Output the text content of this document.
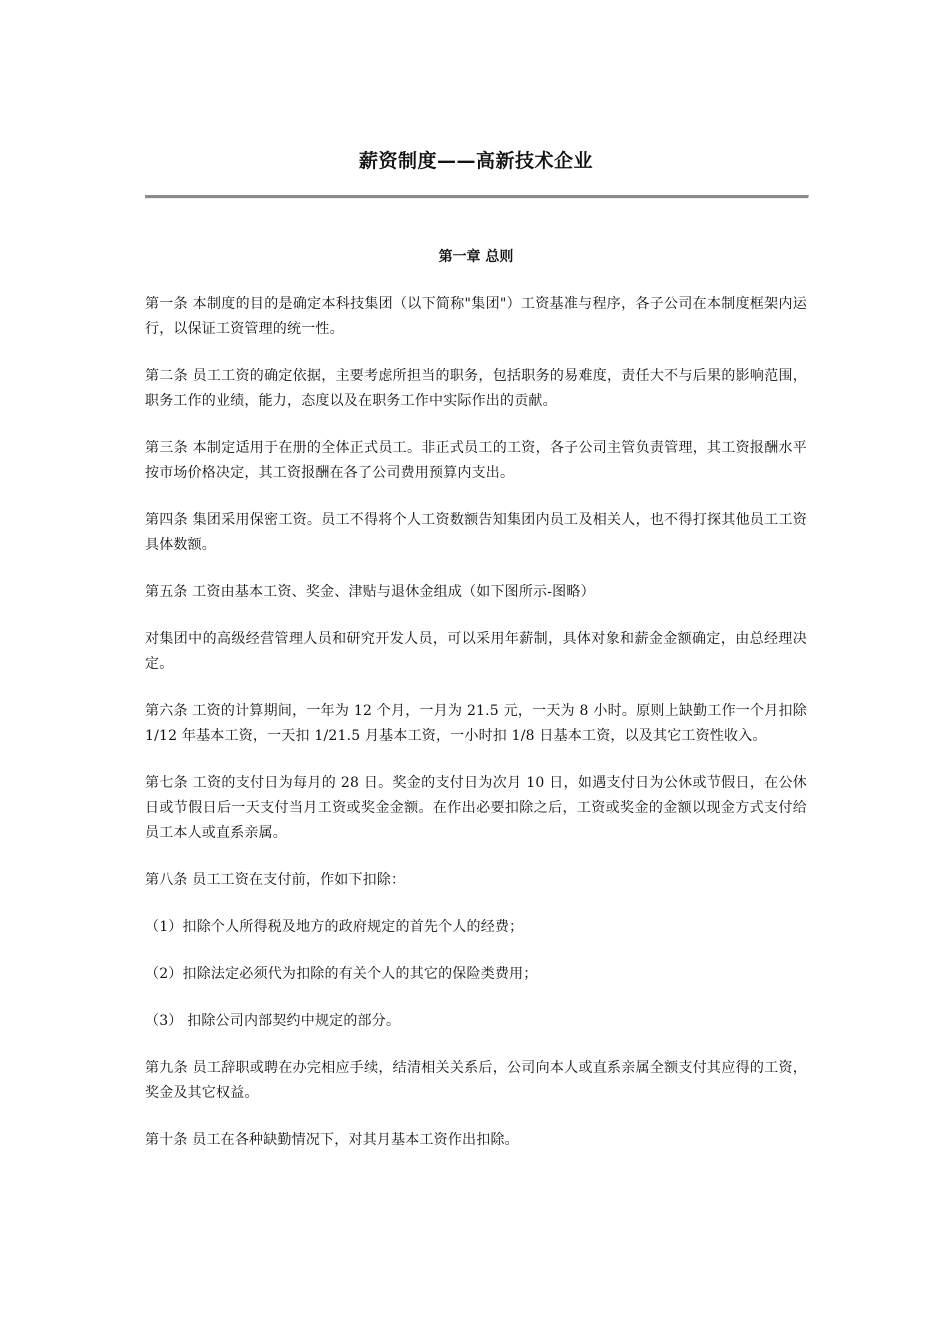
薪资制度——高新技术企业
第一章 总则

第一条 本制度的目的是确定本科技集团（以下简称"集团"）工资基准与程序，各子公司在本制度框架内运行，以保证工资管理的统一性。

第二条 员工工资的确定依据，主要考虑所担当的职务，包括职务的易难度，责任大不与后果的影响范围，职务工作的业绩，能力，态度以及在职务工作中实际作出的贡献。

第三条 本制定适用于在册的全体正式员工。非正式员工的工资，各子公司主管负责管理，其工资报酬水平按市场价格决定，其工资报酬在各了公司费用预算内支出。

第四条 集团采用保密工资。员工不得将个人工资数额告知集团内员工及相关人，也不得打探其他员工工资具体数额。

第五条 工资由基本工资、奖金、津贴与退休金组成（如下图所示-图略）

对集团中的高级经营管理人员和研究开发人员，可以采用年薪制，具体对象和薪金金额确定，由总经理决定。

第六条 工资的计算期间，一年为 12 个月，一月为 21.5 元，一天为 8 小时。原则上缺勤工作一个月扣除 1/12 年基本工资，一天扣 1/21.5 月基本工资，一小时扣 1/8 日基本工资，以及其它工资性收入。

第七条 工资的支付日为每月的 28 日。奖金的支付日为次月 10 日，如遇支付日为公休或节假日，在公休日或节假日后一天支付当月工资或奖金金额。在作出必要扣除之后，工资或奖金的金额以现金方式支付给员工本人或直系亲属。

第八条 员工工资在支付前，作如下扣除：

（1）扣除个人所得税及地方的政府规定的首先个人的经费；

（2）扣除法定必须代为扣除的有关个人的其它的保险类费用；

（3） 扣除公司内部契约中规定的部分。

第九条 员工辞职或聘在办完相应手续，结清相关关系后，公司向本人或直系亲属全额支付其应得的工资，奖金及其它权益。

第十条 员工在各种缺勤情况下，对其月基本工资作出扣除。
